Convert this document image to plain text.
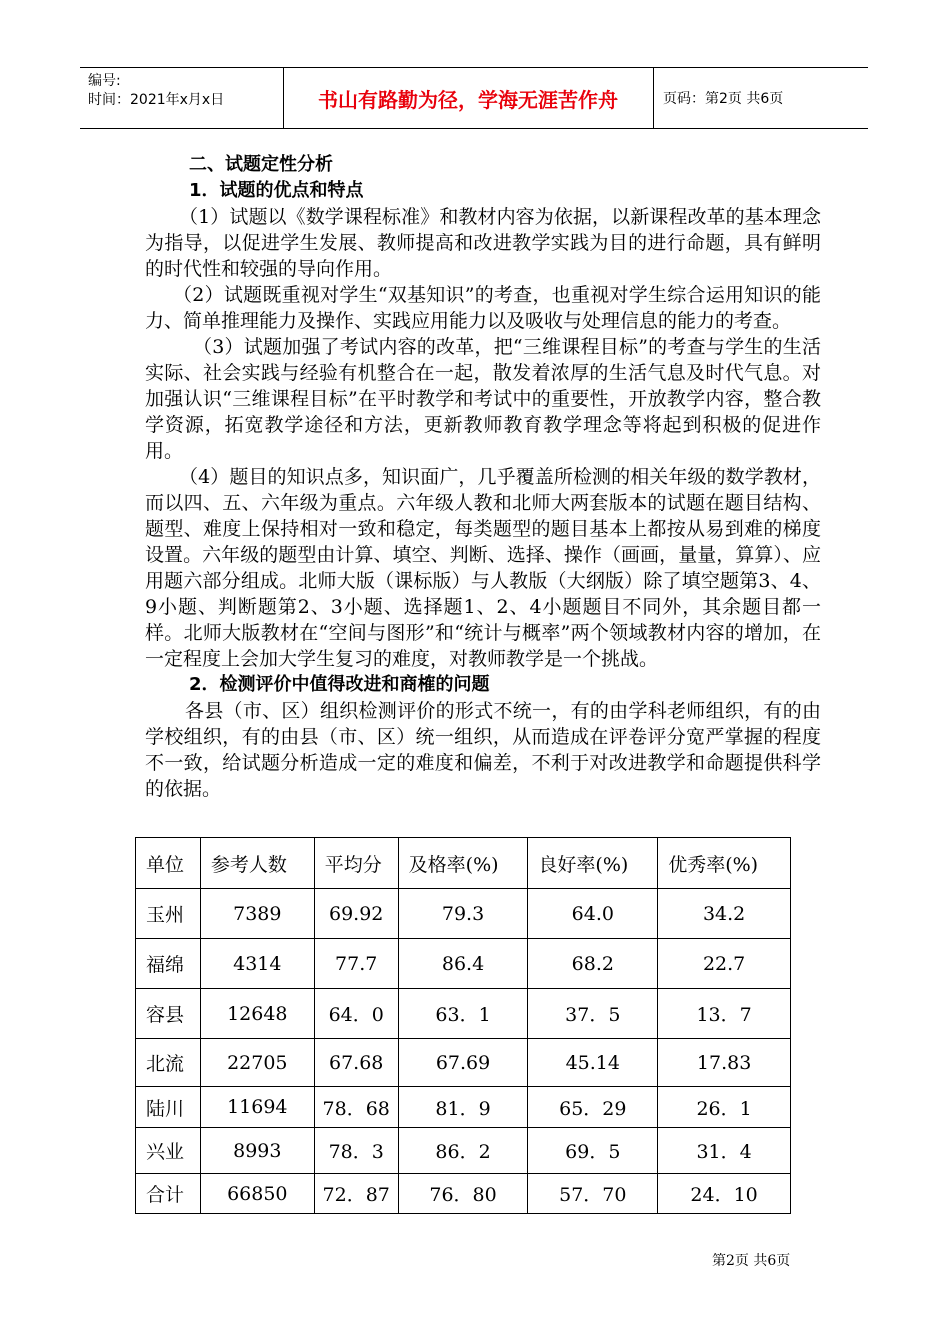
编号:
时间：2021年x月x日	书山有路勤为径，学海无涯苦作舟	页码：第2页 共6页

二、试题定性分析

1．试题的优点和特点

（1）试题以《数学课程标准》和教材内容为依据，以新课程改革的基本理念为指导，以促进学生发展、教师提高和改进教学实践为目的进行命题，具有鲜明的时代性和较强的导向作用。

（2）试题既重视对学生“双基知识”的考查，也重视对学生综合运用知识的能力、简单推理能力及操作、实践应用能力以及吸收与处理信息的能力的考查。

（3）试题加强了考试内容的改革，把“三维课程目标”的考查与学生的生活实际、社会实践与经验有机整合在一起，散发着浓厚的生活气息及时代气息。对加强认识“三维课程目标”在平时教学和考试中的重要性，开放教学内容，整合教学资源，拓宽教学途径和方法，更新教师教育教学理念等将起到积极的促进作用。

（4）题目的知识点多，知识面广，几乎覆盖所检测的相关年级的数学教材，而以四、五、六年级为重点。六年级人教和北师大两套版本的试题在题目结构、题型、难度上保持相对一致和稳定，每类题型的题目基本上都按从易到难的梯度设置。六年级的题型由计算、填空、判断、选择、操作（画画，量量，算算）、应用题六部分组成。北师大版（课标版）与人教版（大纲版）除了填空题第3、4、9小题、判断题第2、3小题、选择题1、2、4小题题目不同外，其余题目都一样。北师大版教材在“空间与图形”和“统计与概率”两个领域教材内容的增加，在一定程度上会加大学生复习的难度，对教师教学是一个挑战。

2．检测评价中值得改进和商榷的问题

各县（市、区）组织检测评价的形式不统一，有的由学科老师组织，有的由学校组织，有的由县（市、区）统一组织，从而造成在评卷评分宽严掌握的程度不一致，给试题分析造成一定的难度和偏差，不利于对改进教学和命题提供科学的依据。

单位	参考人数	平均分	及格率(%)	良好率(%)	优秀率(%)
玉州	7389	69.92	79.3	64.0	34.2
福绵	4314	77.7	86.4	68.2	22.7
容县	12648	64．0	63．1	37．5	13．7
北流	22705	67.68	67.69	45.14	17.83
陆川	11694	78．68	81．9	65．29	26．1
兴业	8993	78．3	86．2	69．5	31．4
合计	66850	72．87	76．80	57．70	24．10
第2页 共6页
